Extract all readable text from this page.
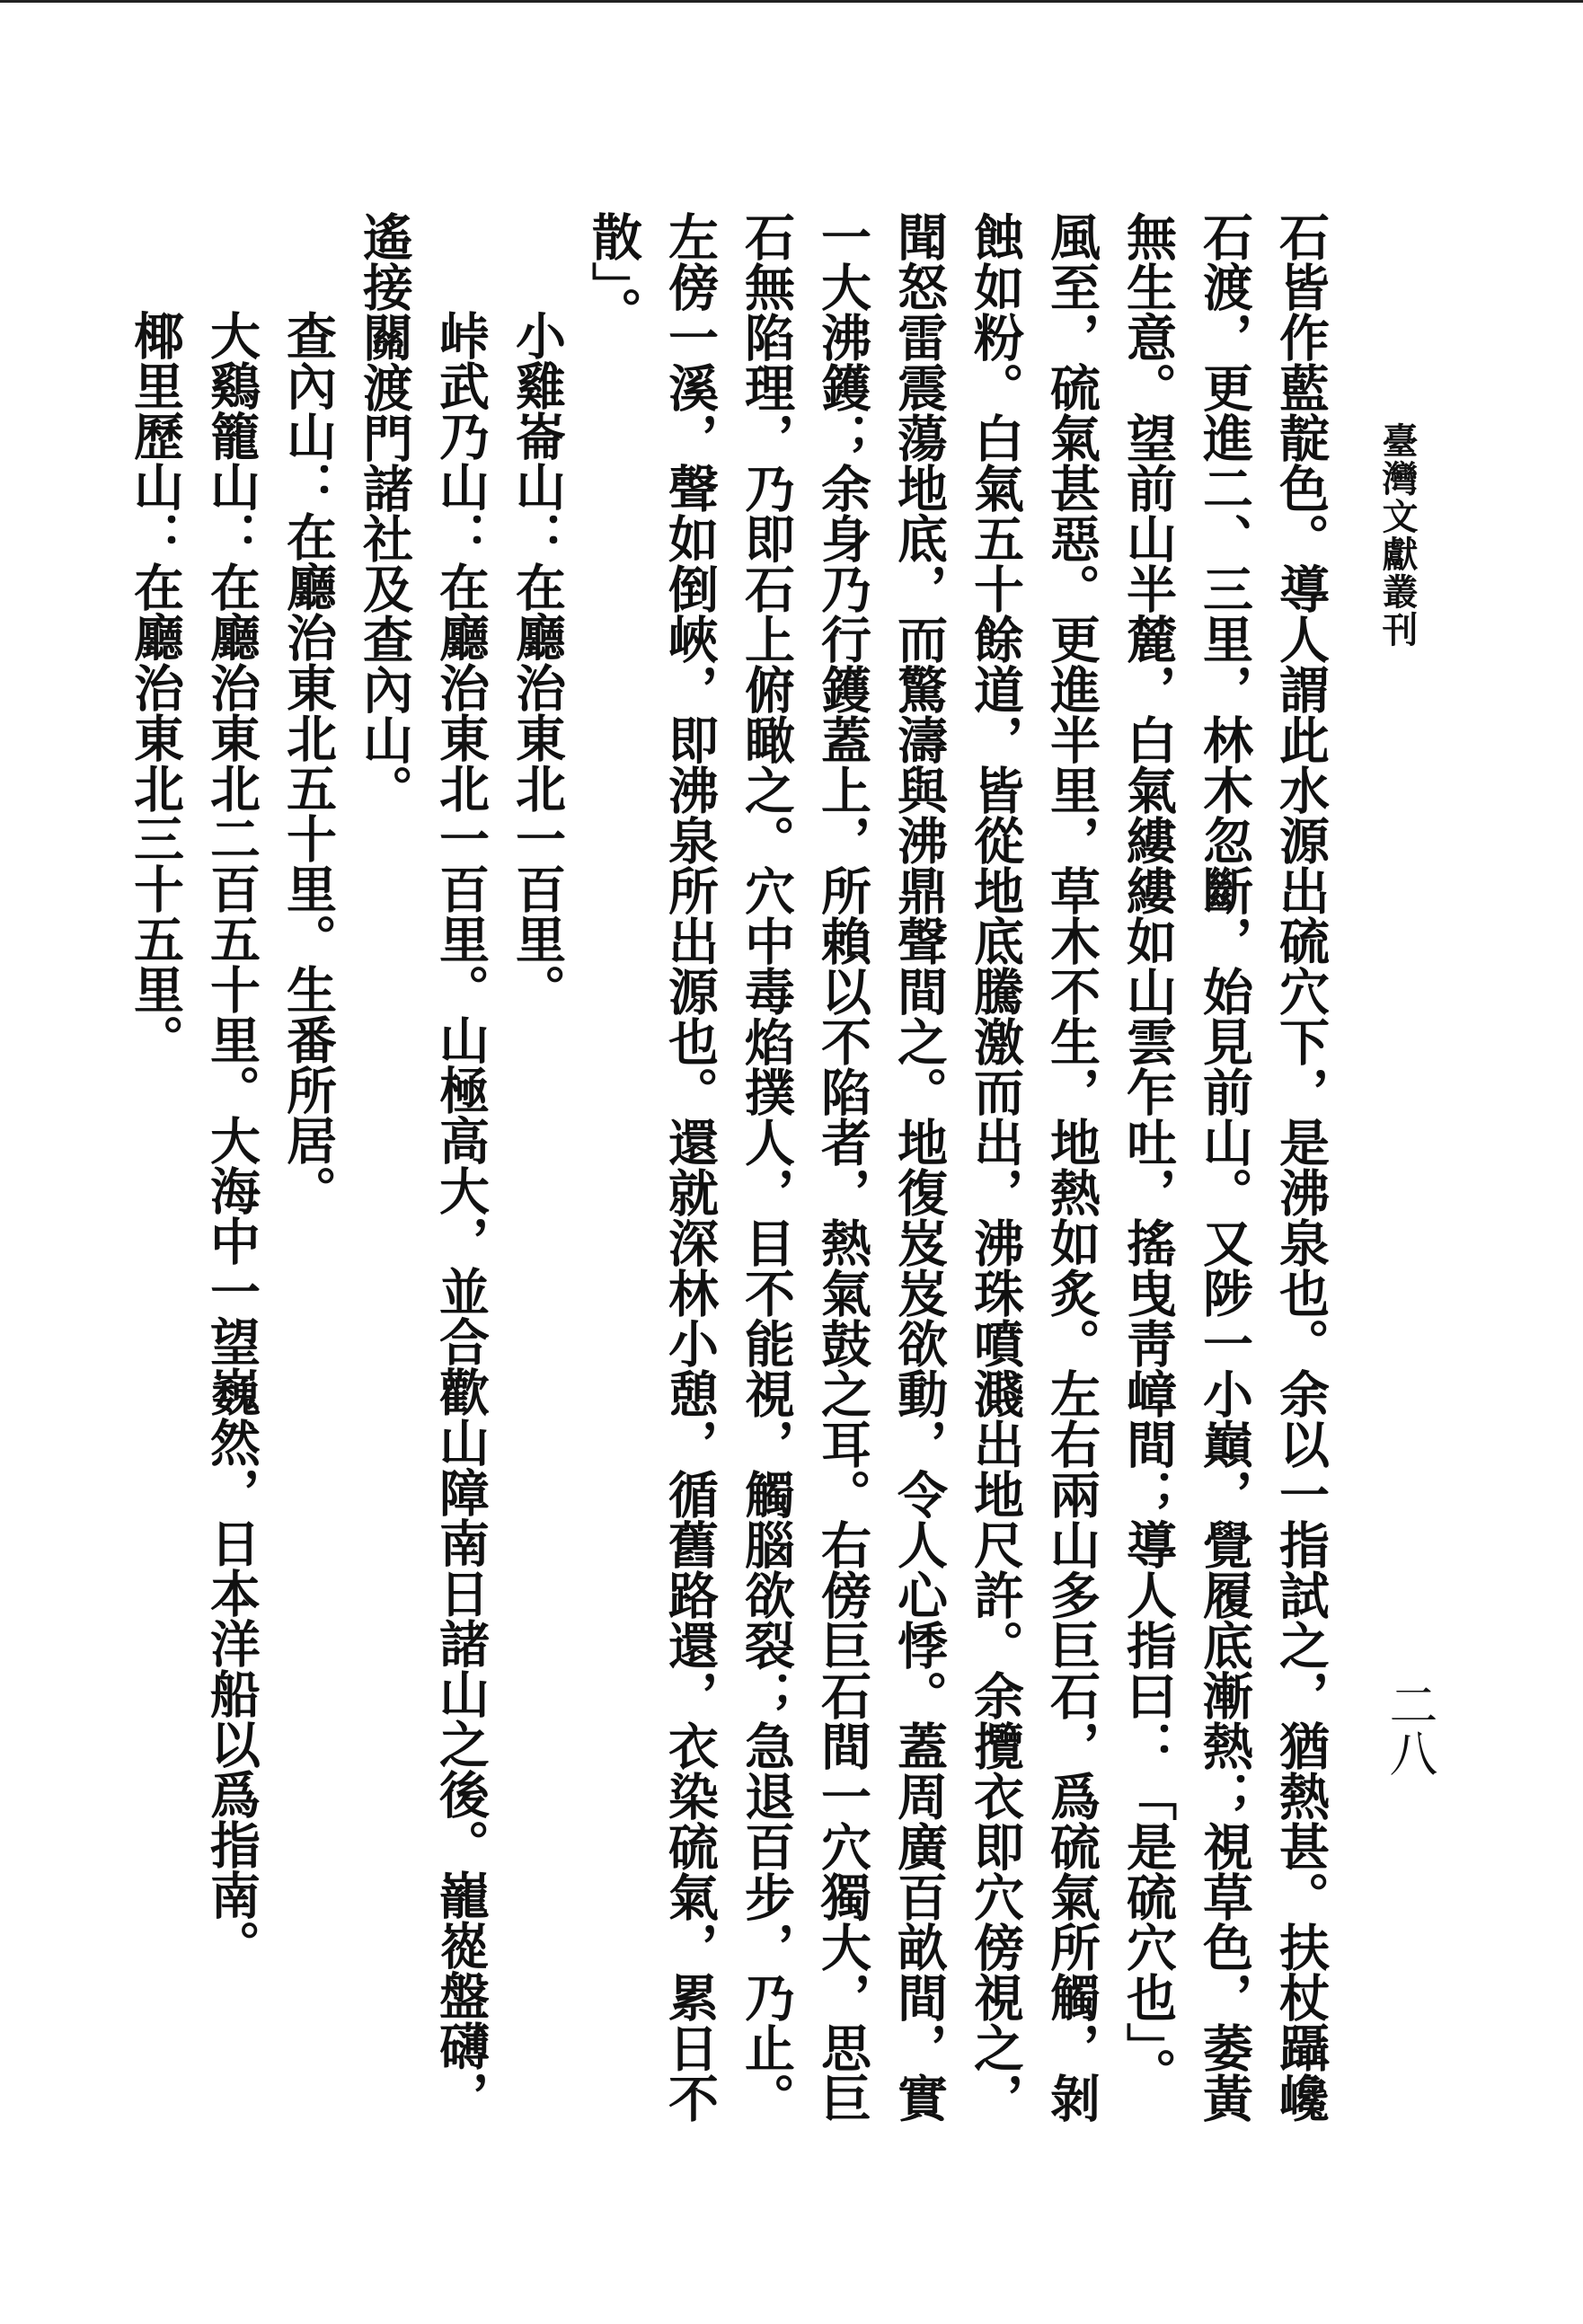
臺灣文獻叢刊
二八
石皆作藍靛色。導人謂此水源出硫穴下，是沸泉也。余以一指試之，猶熱甚。扶杖躡巉
石渡，更進二、三里，林木忽斷，始見前山。又陟一小巔，覺履底漸熱；視草色，萎黃
無生意。望前山半麓，白氣縷縷如山雲乍吐，搖曳靑嶂間；導人指曰：「是硫穴也」。
風至，硫氣甚惡。更進半里，草木不生，地熱如炙。左右兩山多巨石，爲硫氣所觸，剝
蝕如粉。白氣五十餘道，皆從地底騰激而出，沸珠噴濺出地尺許。余攬衣即穴傍視之，
聞怒雷震蕩地底，而驚濤與沸鼎聲間之。地復岌岌欲動，令人心悸。蓋周廣百畝間，實
一大沸鑊；余身乃行鑊蓋上，所賴以不陷者，熱氣鼓之耳。右傍巨石間一穴獨大，思巨
石無陷理，乃即石上俯瞰之。穴中毒焰撲人，目不能視，觸腦欲裂；急退百步，乃止。
左傍一溪，聲如倒峽，即沸泉所出源也。還就深林小憩，循舊路還，衣染硫氣，累日不
散」。
小雞崙山：在廳治東北一百里。
峠武乃山：在廳治東北一百里。山極高大，並合歡山障南日諸山之後。巃嵸盤礴，
遙接關渡門諸社及查內山。
查內山：在廳治東北五十里。生番所居。
大鷄籠山：在廳治東北二百五十里。大海中一望巍然，日本洋船以爲指南。
椰里歷山：在廳治東北三十五里。
